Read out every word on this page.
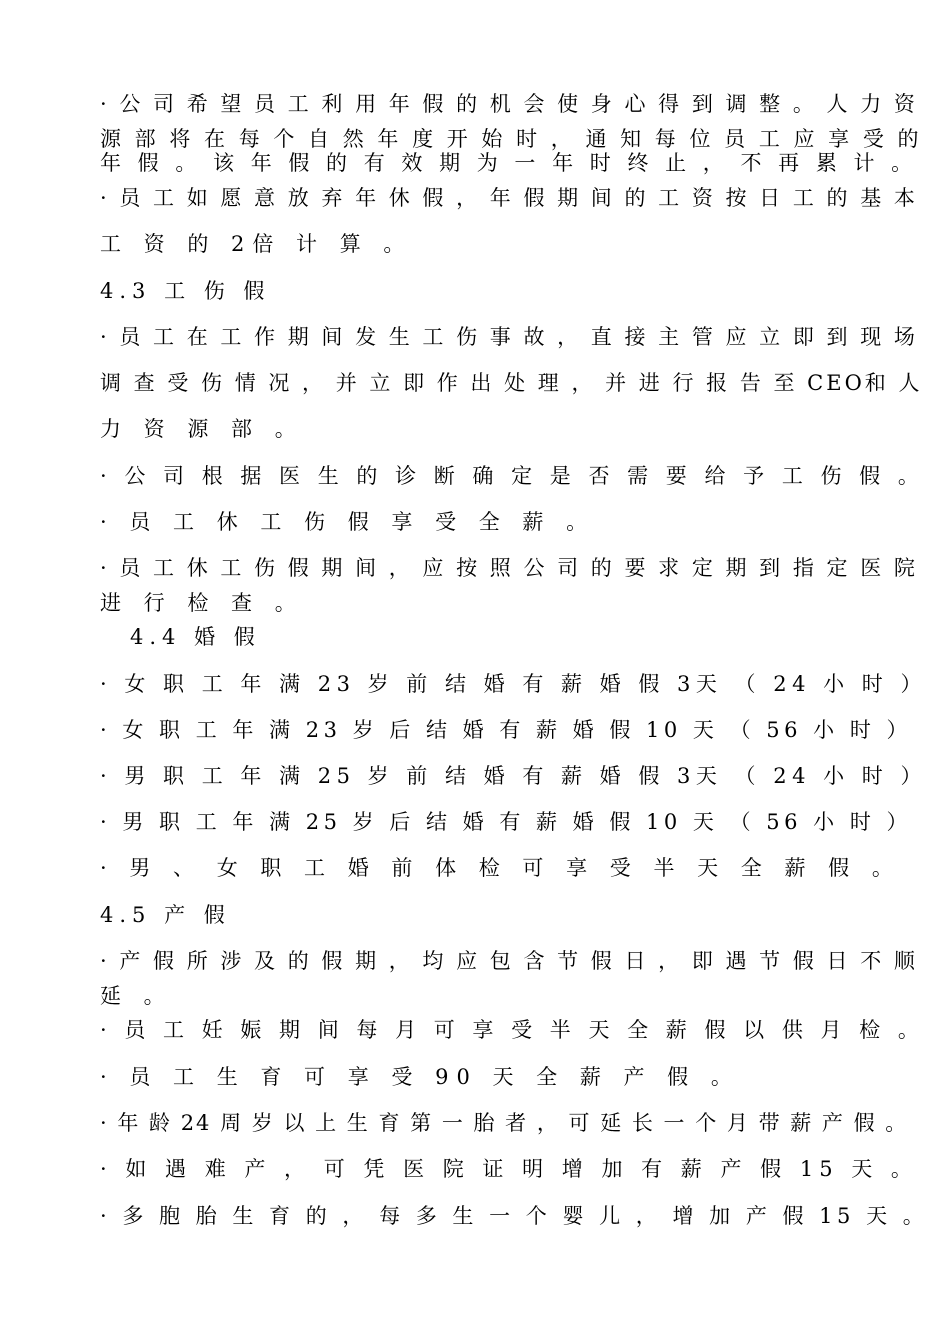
· 公 司 希 望 员 工 利 用 年 假 的 机 会 使 身 心 得 到 调 整 。 人 力 资
源 部 将 在 每 个 自 然 年 度 开 始 时 ， 通 知 每 位 员 工 应 享 受 的
年 假 。 该 年 假 的 有 效 期 为 一 年 时 终 止 ， 不 再 累 计 。
· 员 工 如 愿 意 放 弃 年 休 假 ， 年 假 期 间 的 工 资 按 日 工 的 基 本
工 资 的 2倍 计 算 。
4.3 工 伤 假
· 员 工 在 工 作 期 间 发 生 工 伤 事 故 ， 直 接 主 管 应 立 即 到 现 场
调 查 受 伤 情 况 ， 并 立 即 作 出 处 理 ， 并 进 行 报 告 至 CEO和 人
力 资 源 部 。
· 公 司 根 据 医 生 的 诊 断 确 定 是 否 需 要 给 予 工 伤 假 。
· 员 工 休 工 伤 假 享 受 全 薪 。
· 员 工 休 工 伤 假 期 间 ， 应 按 照 公 司 的 要 求 定 期 到 指 定 医 院
进 行 检 查 。
4.4 婚 假
· 女 职 工 年 满 23 岁 前 结 婚 有 薪 婚 假 3天 （ 24 小 时 ）
· 女 职 工 年 满 23 岁 后 结 婚 有 薪 婚 假 10 天 （ 56 小 时 ）
· 男 职 工 年 满 25 岁 前 结 婚 有 薪 婚 假 3天 （ 24 小 时 ）
· 男 职 工 年 满 25 岁 后 结 婚 有 薪 婚 假 10 天 （ 56 小 时 ）
· 男 、 女 职 工 婚 前 体 检 可 享 受 半 天 全 薪 假 。
4.5 产 假
· 产 假 所 涉 及 的 假 期 ， 均 应 包 含 节 假 日 ， 即 遇 节 假 日 不 顺
延 。
· 员 工 妊 娠 期 间 每 月 可 享 受 半 天 全 薪 假 以 供 月 检 。
· 员 工 生 育 可 享 受 90 天 全 薪 产 假 。
· 年 龄 24 周 岁 以 上 生 育 第 一 胎 者 ， 可 延 长 一 个 月 带 薪 产 假 。
· 如 遇 难 产 ， 可 凭 医 院 证 明 增 加 有 薪 产 假 15 天 。
· 多 胞 胎 生 育 的 ， 每 多 生 一 个 婴 儿 ， 增 加 产 假 15 天 。
